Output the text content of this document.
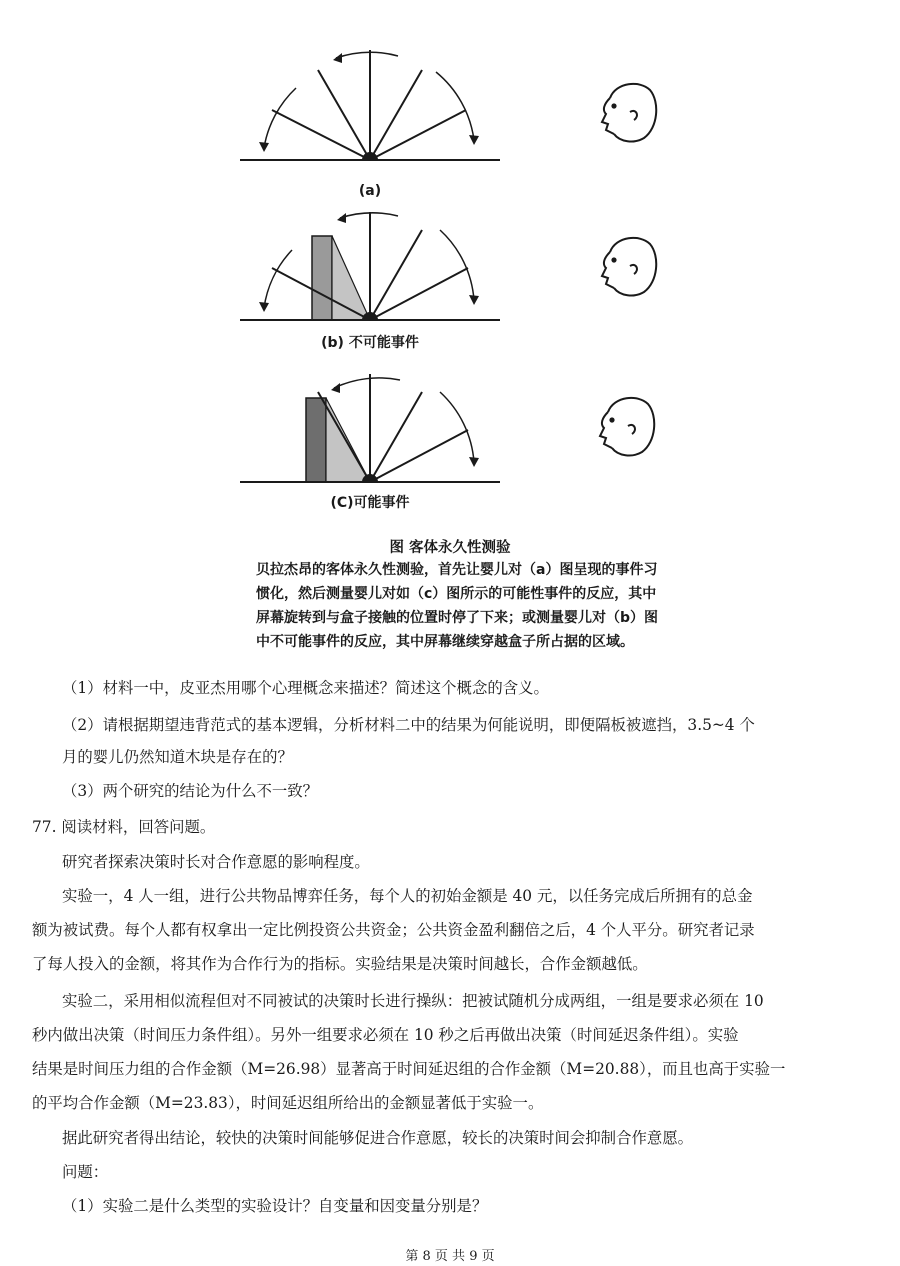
(a)
(b) 不可能事件
(C)可能事件
图 客体永久性测验

贝拉杰昂的客体永久性测验，首先让婴儿对（a）图呈现的事件习

惯化，然后测量婴儿对如（c）图所示的可能性事件的反应，其中

屏幕旋转到与盒子接触的位置时停了下来；或测量婴儿对（b）图

中不可能事件的反应，其中屏幕继续穿越盒子所占据的区域。

（1）材料一中，皮亚杰用哪个心理概念来描述？简述这个概念的含义。
（2）请根据期望违背范式的基本逻辑，分析材料二中的结果为何能说明，即便隔板被遮挡，3.5~4 个
月的婴儿仍然知道木块是存在的？
（3）两个研究的结论为什么不一致？
77. 阅读材料，回答问题。
研究者探索决策时长对合作意愿的影响程度。
实验一，4 人一组，进行公共物品博弈任务，每个人的初始金额是 40 元，以任务完成后所拥有的总金
额为被试费。每个人都有权拿出一定比例投资公共资金；公共资金盈利翻倍之后，4 个人平分。研究者记录
了每人投入的金额，将其作为合作行为的指标。实验结果是决策时间越长，合作金额越低。
实验二，采用相似流程但对不同被试的决策时长进行操纵：把被试随机分成两组，一组是要求必须在 10
秒内做出决策（时间压力条件组）。另外一组要求必须在 10 秒之后再做出决策（时间延迟条件组）。实验
结果是时间压力组的合作金额（M=26.98）显著高于时间延迟组的合作金额（M=20.88），而且也高于实验一
的平均合作金额（M=23.83），时间延迟组所给出的金额显著低于实验一。
据此研究者得出结论，较快的决策时间能够促进合作意愿，较长的决策时间会抑制合作意愿。
问题：
（1）实验二是什么类型的实验设计？自变量和因变量分别是？
第 8 页 共 9 页
